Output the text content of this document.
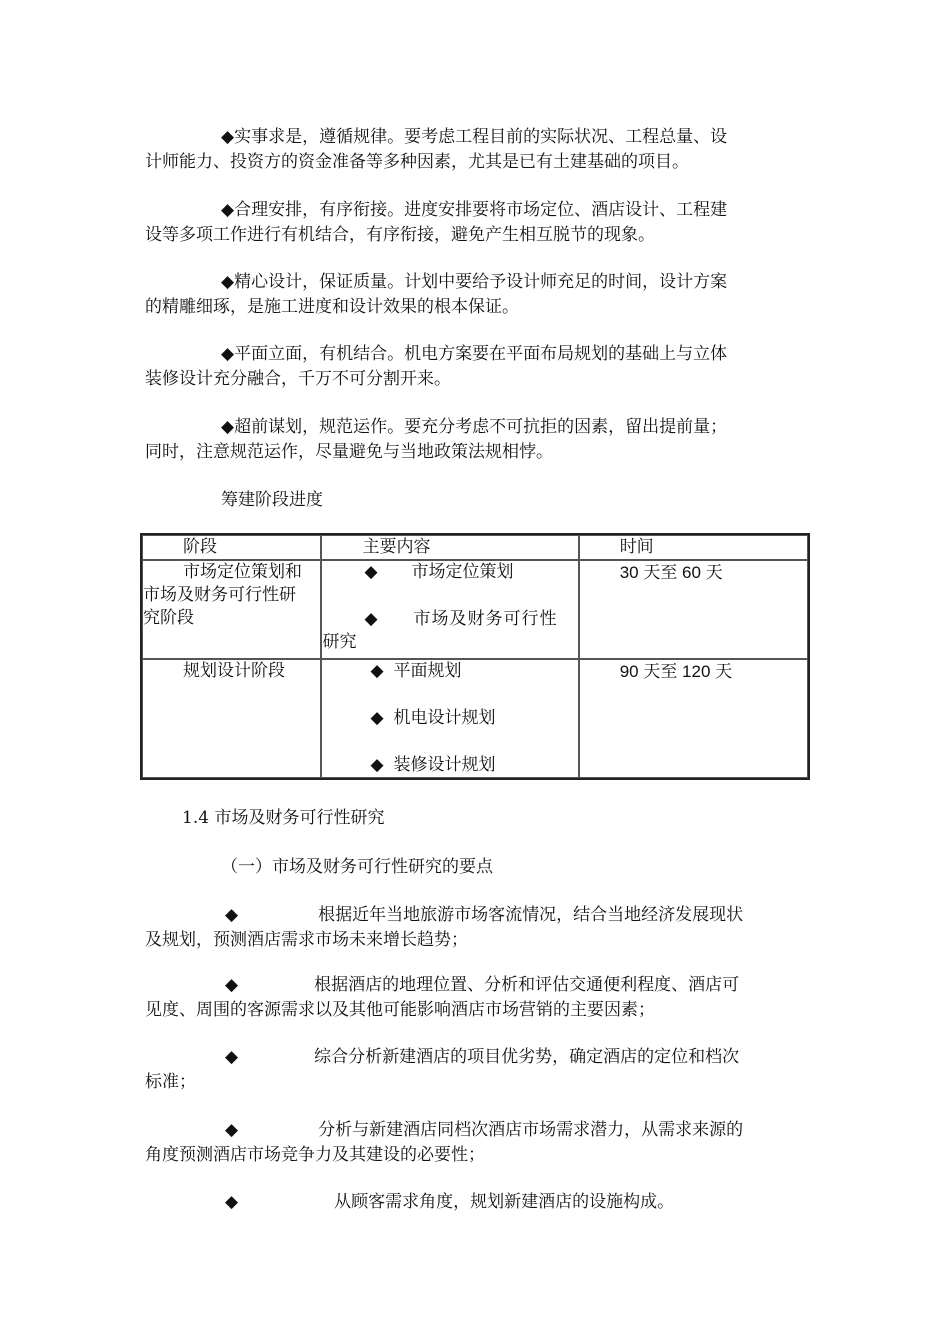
◆实事求是，遵循规律。要考虑工程目前的实际状况、工程总量、设
计师能力、投资方的资金准备等多种因素，尤其是已有土建基础的项目。

◆合理安排，有序衔接。进度安排要将市场定位、酒店设计、工程建
设等多项工作进行有机结合，有序衔接，避免产生相互脱节的现象。

◆精心设计，保证质量。计划中要给予设计师充足的时间，设计方案
的精雕细琢，是施工进度和设计效果的根本保证。

◆平面立面，有机结合。机电方案要在平面布局规划的基础上与立体
装修设计充分融合，千万不可分割开来。

◆超前谋划，规范运作。要充分考虑不可抗拒的因素，留出提前量；
同时，注意规范运作，尽量避免与当地政策法规相悖。

筹建阶段进度

阶段	主要内容	时间

市场定位策划和
市场及财务可行性研
究阶段	◆ 市场定位策划
◆ 市场及财务可行性
研究	30 天至 60 天

规划设计阶段	◆ 平面规划
◆ 机电设计规划
◆ 装修设计规划	90 天至 120 天

1.4 市场及财务可行性研究

（一）市场及财务可行性研究的要点

◆	根据近年当地旅游市场客流情况，结合当地经济发展现状
及规划，预测酒店需求市场未来增长趋势；

◆	根据酒店的地理位置、分析和评估交通便利程度、酒店可
见度、周围的客源需求以及其他可能影响酒店市场营销的主要因素；

◆	综合分析新建酒店的项目优劣势，确定酒店的定位和档次
标准；

◆	分析与新建酒店同档次酒店市场需求潜力，从需求来源的
角度预测酒店市场竞争力及其建设的必要性；

◆	从顾客需求角度，规划新建酒店的设施构成。
